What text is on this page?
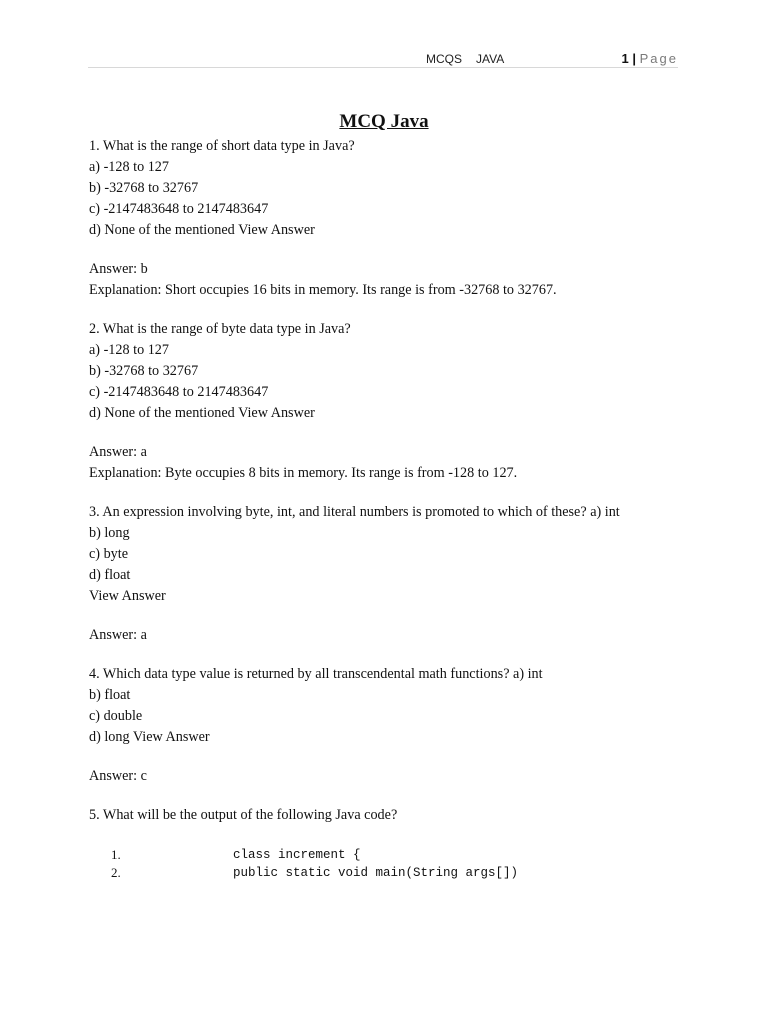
MCQS JAVA	1 | Page
MCQ Java
1. What is the range of short data type in Java?
a) -128 to 127
b) -32768 to 32767
c) -2147483648 to 2147483647
d) None of the mentioned View Answer
Answer: b
Explanation: Short occupies 16 bits in memory. Its range is from -32768 to 32767.
2. What is the range of byte data type in Java?
a) -128 to 127
b) -32768 to 32767
c) -2147483648 to 2147483647
d) None of the mentioned View Answer
Answer: a
Explanation: Byte occupies 8 bits in memory. Its range is from -128 to 127.
3. An expression involving byte, int, and literal numbers is promoted to which of these? a) int
b) long
c) byte
d) float
View Answer
Answer: a
4. Which data type value is returned by all transcendental math functions? a) int
b) float
c) double
d) long View Answer
Answer: c
5. What will be the output of the following Java code?
1.	class increment {
2.	public static void main(String args[])
